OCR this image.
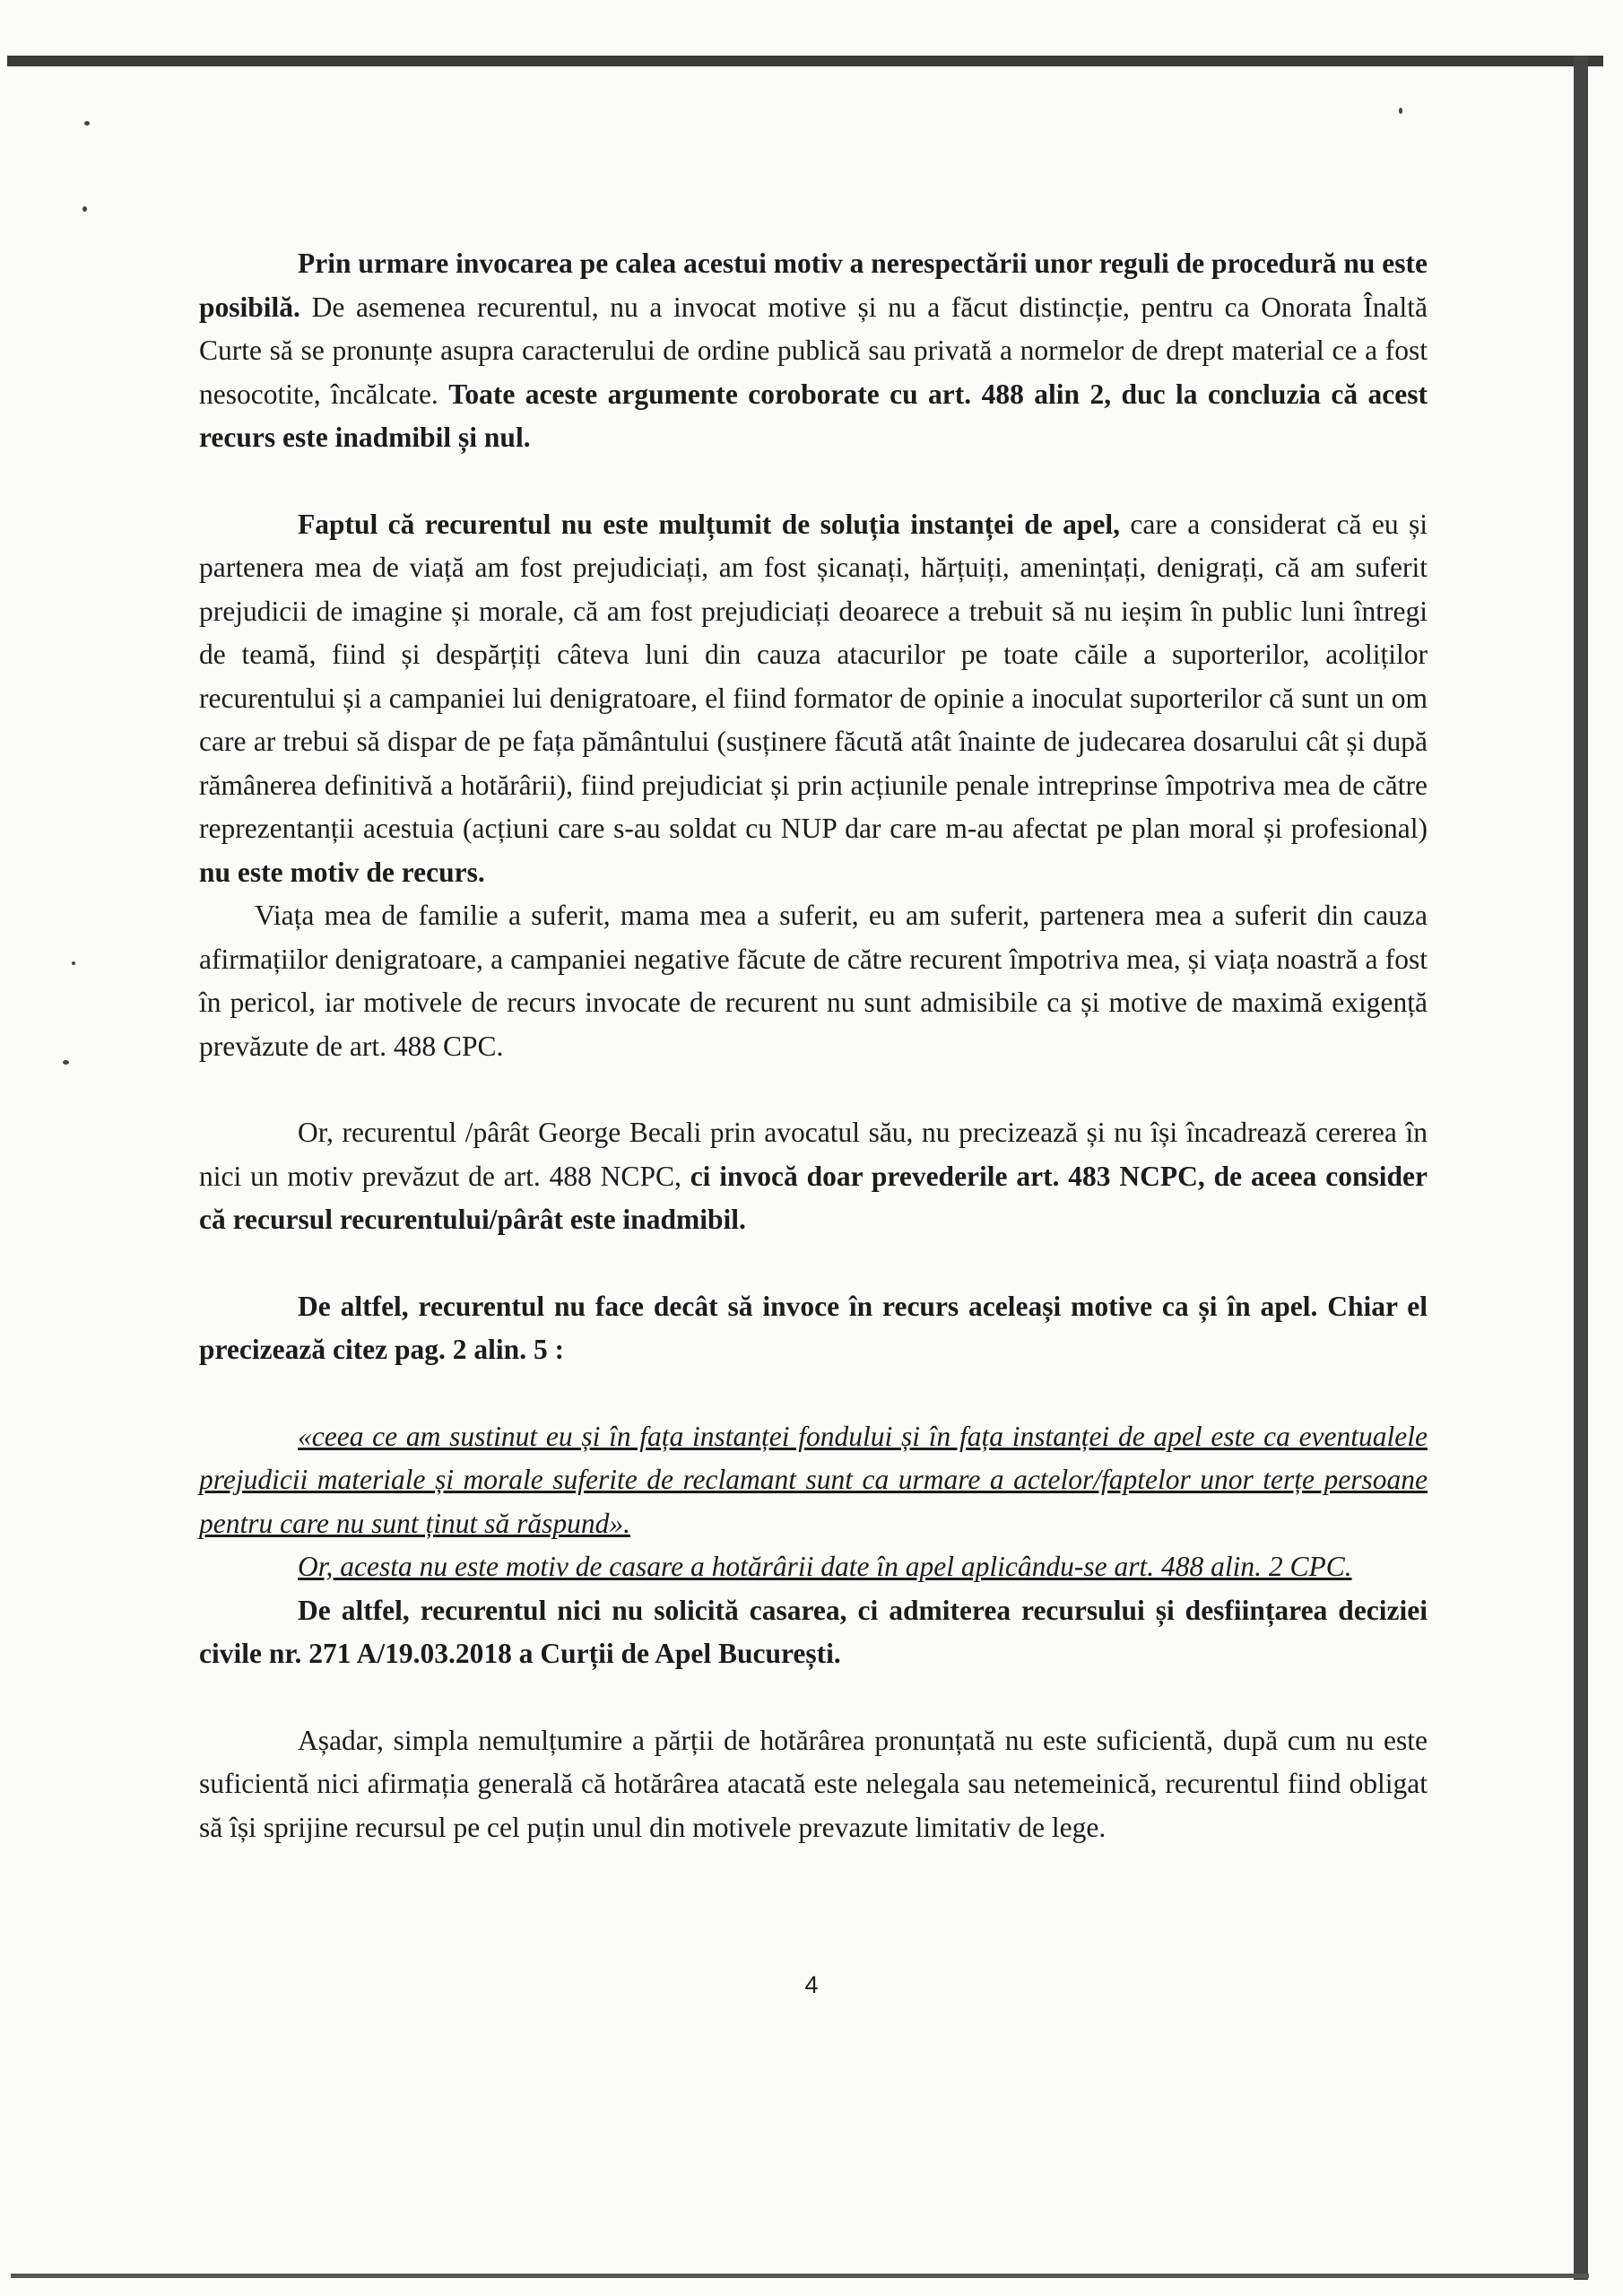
Prin urmare invocarea pe calea acestui motiv a nerespectării unor reguli de procedură nu este posibilă. De asemenea recurentul, nu a invocat motive și nu a făcut distincție, pentru ca Onorata Înaltă Curte să se pronunțe asupra caracterului de ordine publică sau privată a normelor de drept material ce a fost nesocotite, încălcate. Toate aceste argumente coroborate cu art. 488 alin 2, duc la concluzia că acest recurs este inadmibil și nul.

Faptul că recurentul nu este mulțumit de soluția instanței de apel, care a considerat că eu și partenera mea de viață am fost prejudiciați, am fost șicanați, hărțuiți, amenințați, denigrați, că am suferit prejudicii de imagine și morale, că am fost prejudiciați deoarece a trebuit să nu ieșim în public luni întregi de teamă, fiind și despărțiți câteva luni din cauza atacurilor pe toate căile a suporterilor, acoliților recurentului și a campaniei lui denigratoare, el fiind formator de opinie a inoculat suporterilor că sunt un om care ar trebui să dispar de pe fața pământului (susținere făcută atât înainte de judecarea dosarului cât și după rămânerea definitivă a hotărârii), fiind prejudiciat și prin acțiunile penale intreprinse împotriva mea de către reprezentanții acestuia (acțiuni care s-au soldat cu NUP dar care m-au afectat pe plan moral și profesional) nu este motiv de recurs.

Viața mea de familie a suferit, mama mea a suferit, eu am suferit, partenera mea a suferit din cauza afirmațiilor denigratoare, a campaniei negative făcute de către recurent împotriva mea, și viața noastră a fost în pericol, iar motivele de recurs invocate de recurent nu sunt admisibile ca și motive de maximă exigență prevăzute de art. 488 CPC.

Or, recurentul /pârât George Becali prin avocatul său, nu precizează și nu își încadrează cererea în nici un motiv prevăzut de art. 488 NCPC, ci invocă doar prevederile art. 483 NCPC, de aceea consider că recursul recurentului/pârât este inadmibil.

De altfel, recurentul nu face decât să invoce în recurs aceleași motive ca și în apel. Chiar el precizează citez pag. 2 alin. 5 :

«ceea ce am sustinut eu și în fața instanței fondului și în fața instanței de apel este ca eventualele prejudicii materiale și morale suferite de reclamant sunt ca urmare a actelor/faptelor unor terțe persoane pentru care nu sunt ținut să răspund».

Or, acesta nu este motiv de casare a hotărârii date în apel aplicându-se art. 488 alin. 2 CPC.

De altfel, recurentul nici nu solicită casarea, ci admiterea recursului și desființarea deciziei civile nr. 271 A/19.03.2018 a Curții de Apel București.

Așadar, simpla nemulțumire a părții de hotărârea pronunțată nu este suficientă, după cum nu este suficientă nici afirmația generală că hotărârea atacată este nelegala sau netemeinică, recurentul fiind obligat să își sprijine recursul pe cel puțin unul din motivele prevazute limitativ de lege.

4
